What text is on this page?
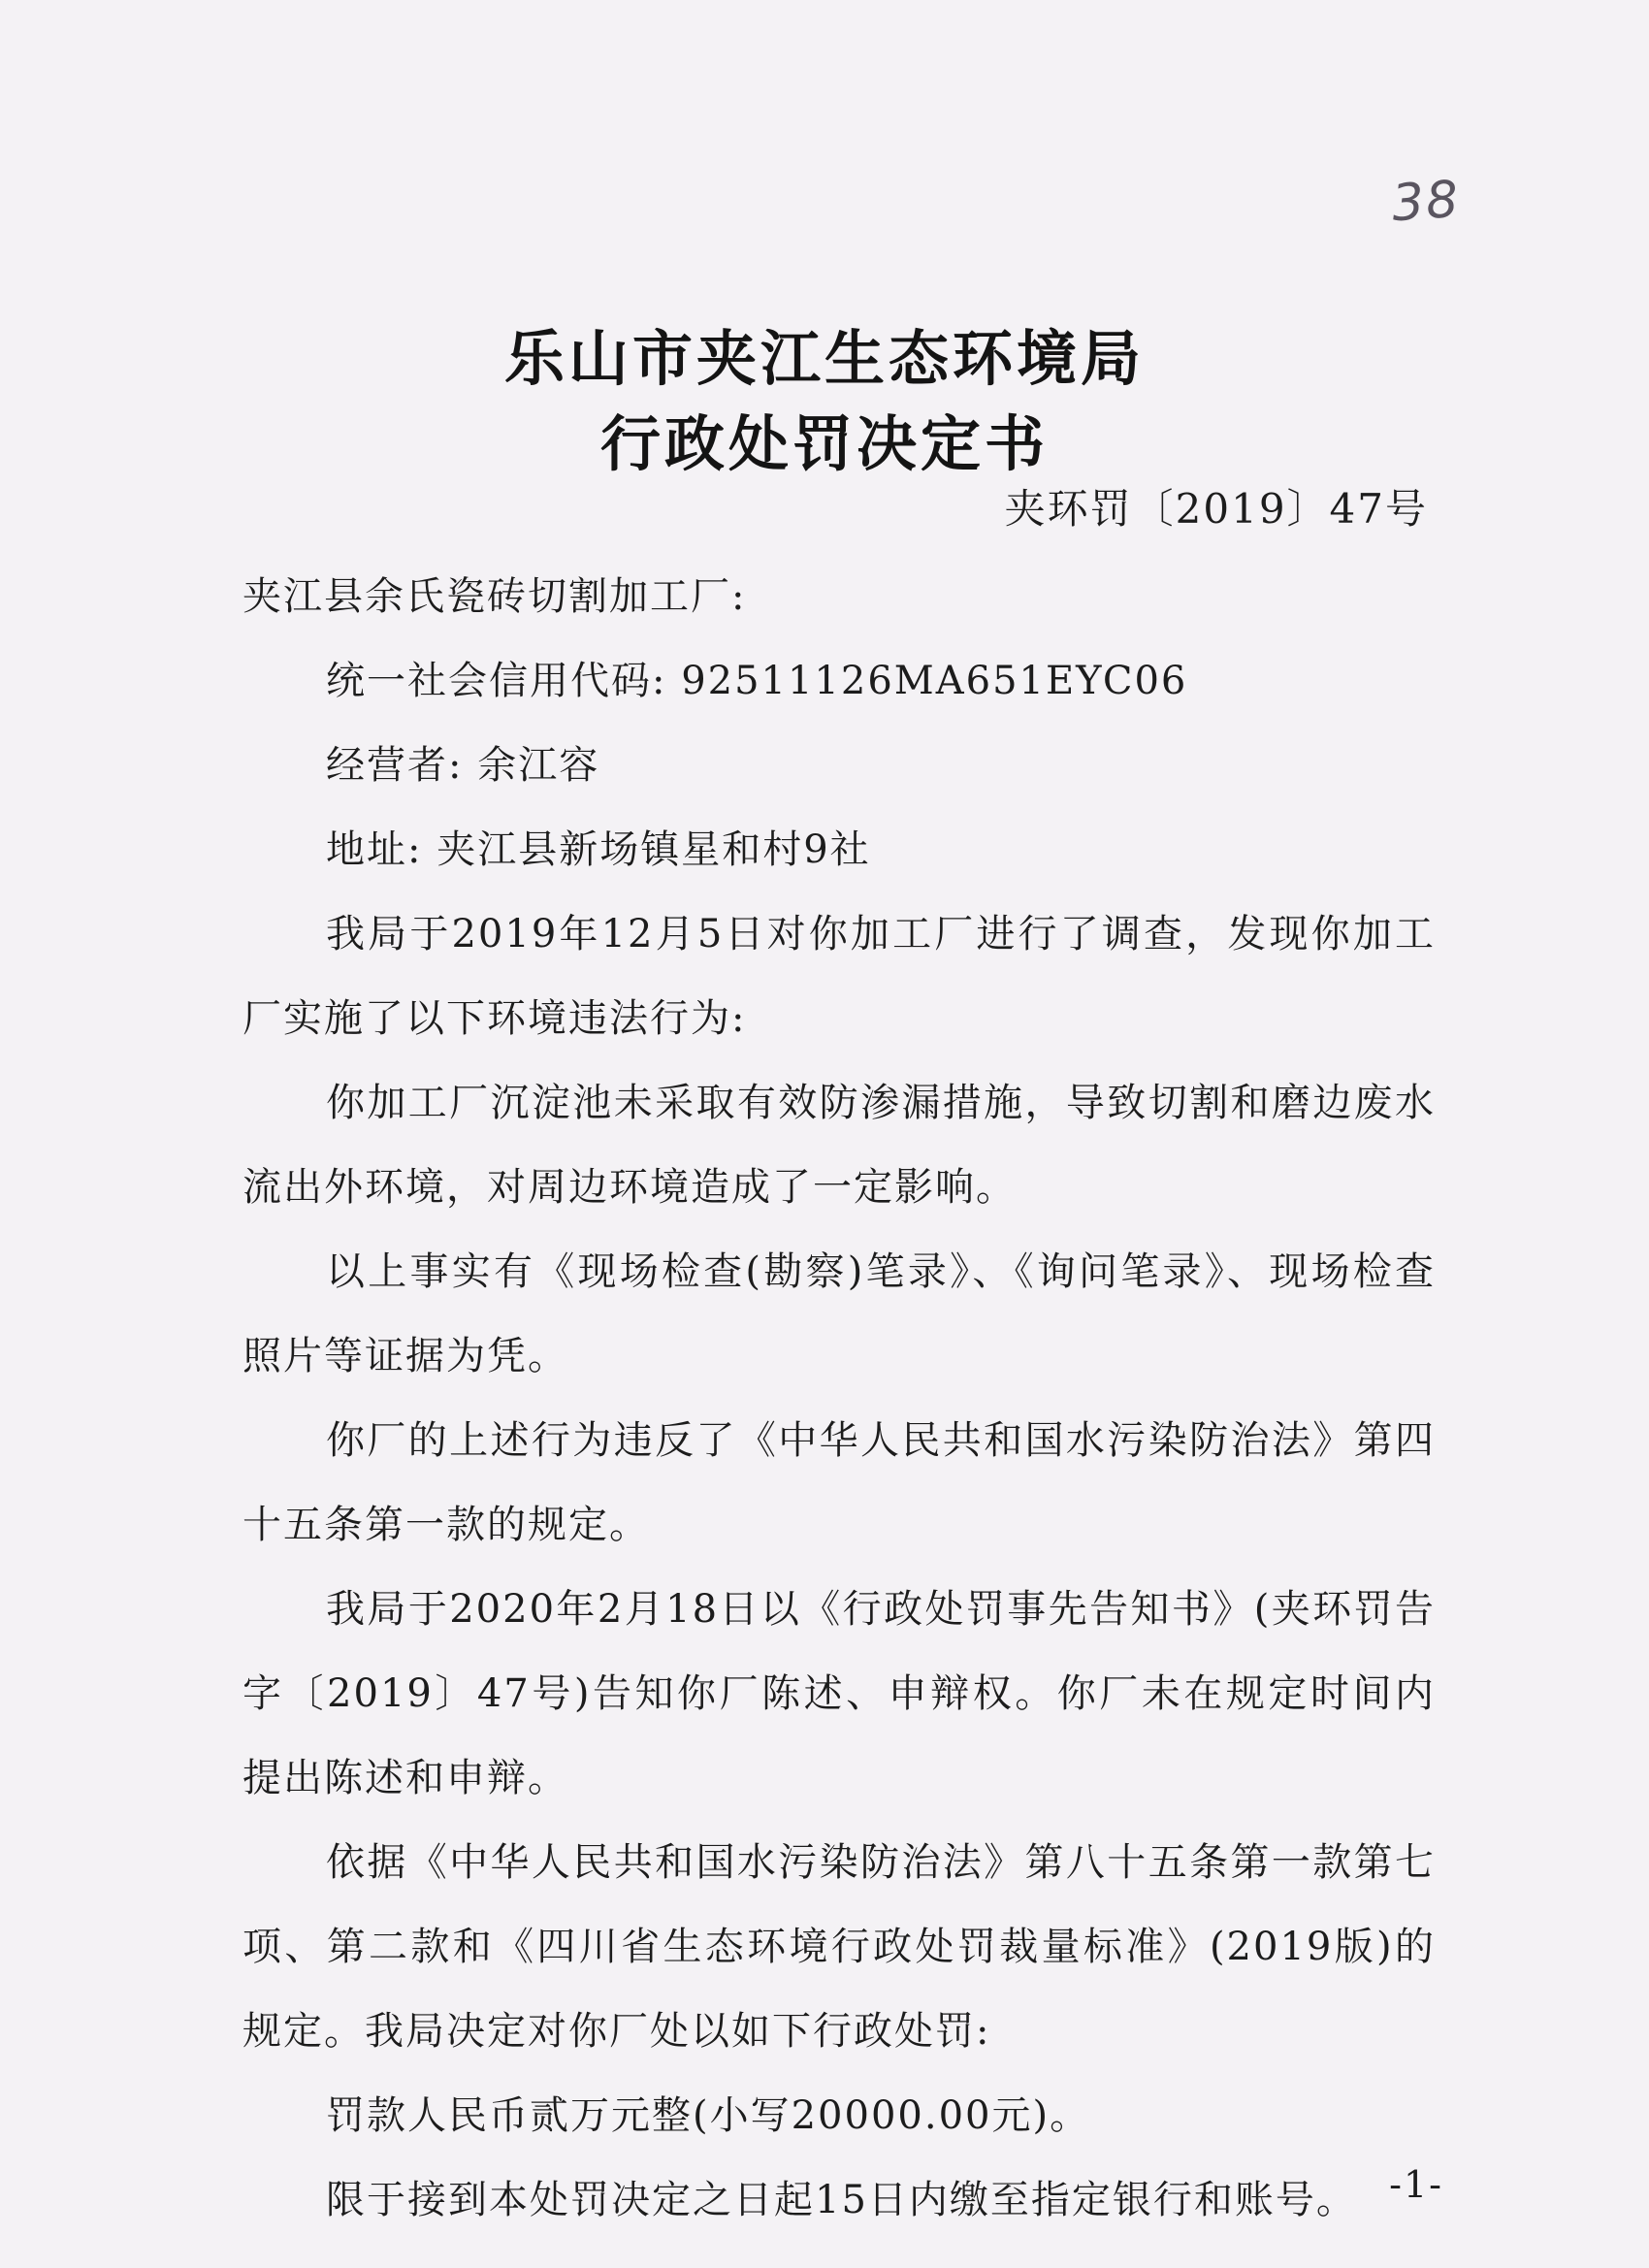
38
乐山市夹江生态环境局
行政处罚决定书
夹环罚〔2019〕47号

夹江县余氏瓷砖切割加工厂:

统一社会信用代码: 92511126MA651EYC06

经营者: 余江容

地址: 夹江县新场镇星和村9社

我局于2019年12月5日对你加工厂进行了调查，发现你加工厂实施了以下环境违法行为:

你加工厂沉淀池未采取有效防渗漏措施，导致切割和磨边废水流出外环境，对周边环境造成了一定影响。

以上事实有《现场检查(勘察)笔录》、《询问笔录》、现场检查照片等证据为凭。

你厂的上述行为违反了《中华人民共和国水污染防治法》第四十五条第一款的规定。

我局于2020年2月18日以《行政处罚事先告知书》(夹环罚告字〔2019〕47号)告知你厂陈述、申辩权。你厂未在规定时间内提出陈述和申辩。

依据《中华人民共和国水污染防治法》第八十五条第一款第七项、第二款和《四川省生态环境行政处罚裁量标准》(2019版)的规定。我局决定对你厂处以如下行政处罚:

罚款人民币贰万元整(小写20000.00元)。

限于接到本处罚决定之日起15日内缴至指定银行和账号。 -1-
